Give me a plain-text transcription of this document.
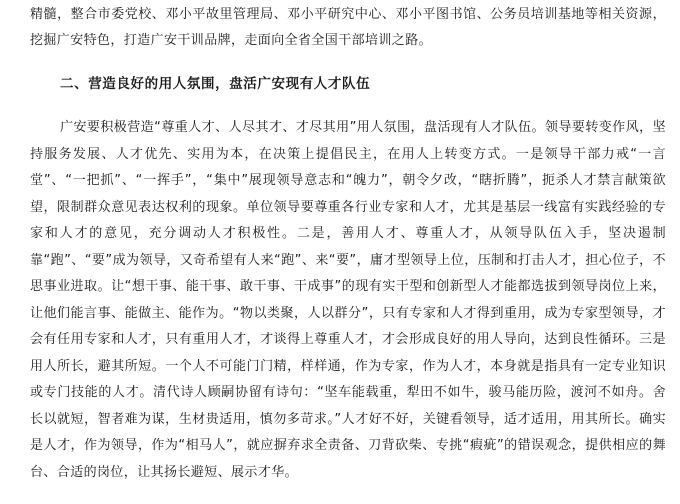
精髓，整合市委党校、邓小平故里管理局、邓小平研究中心、邓小平图书馆、公务员培训基地等相关资源，挖掘广安特色，打造广安干训品牌，走面向全省全国干部培训之路。

二、营造良好的用人氛围，盘活广安现有人才队伍

广安要积极营造“尊重人才、人尽其才、才尽其用”用人氛围，盘活现有人才队伍。领导要转变作风，坚持服务发展、人才优先、实用为本，在决策上提倡民主，在用人上转变方式。一是领导干部力戒“一言堂”、“一把抓”、“一挥手”，“集中”展现领导意志和“魄力”，朝令夕改，“瞎折腾”，扼杀人才禁言献策欲望，限制群众意见表达权利的现象。单位领导要尊重各行业专家和人才，尤其是基层一线富有实践经验的专家和人才的意见，充分调动人才积极性。二是，善用人才、尊重人才，从领导队伍入手，坚决遏制靠“跑”、“要”成为领导，又奇希望有人来“跑”、来“要”，庸才型领导上位，压制和打击人才，担心位子，不思事业进取。让“想干事、能干事、敢干事、干成事”的现有实干型和创新型人才能都选拔到领导岗位上来，让他们能言事、能做主、能作为。“物以类聚，人以群分”，只有专家和人才得到重用，成为专家型领导，才会有任用专家和人才，只有重用人才，才谈得上尊重人才，才会形成良好的用人导向，达到良性循环。三是用人所长，避其所短。一个人不可能门门精，样样通，作为专家，作为人才，本身就是指具有一定专业知识或专门技能的人才。清代诗人顾嗣协留有诗句：“坚车能载重，犁田不如牛，骏马能历险，渡河不如舟。舍长以就短，智者难为谋，生材贵适用，慎勿多苛求。”人才好不好，关键看领导，适才适用，用其所长。确实是人才，作为领导，作为“相马人”，就应摒弃求全责备、刀背砍柴、专挑“瘕疵”的错误观念，提供相应的舞台、合适的岗位，让其扬长避短、展示才华。
